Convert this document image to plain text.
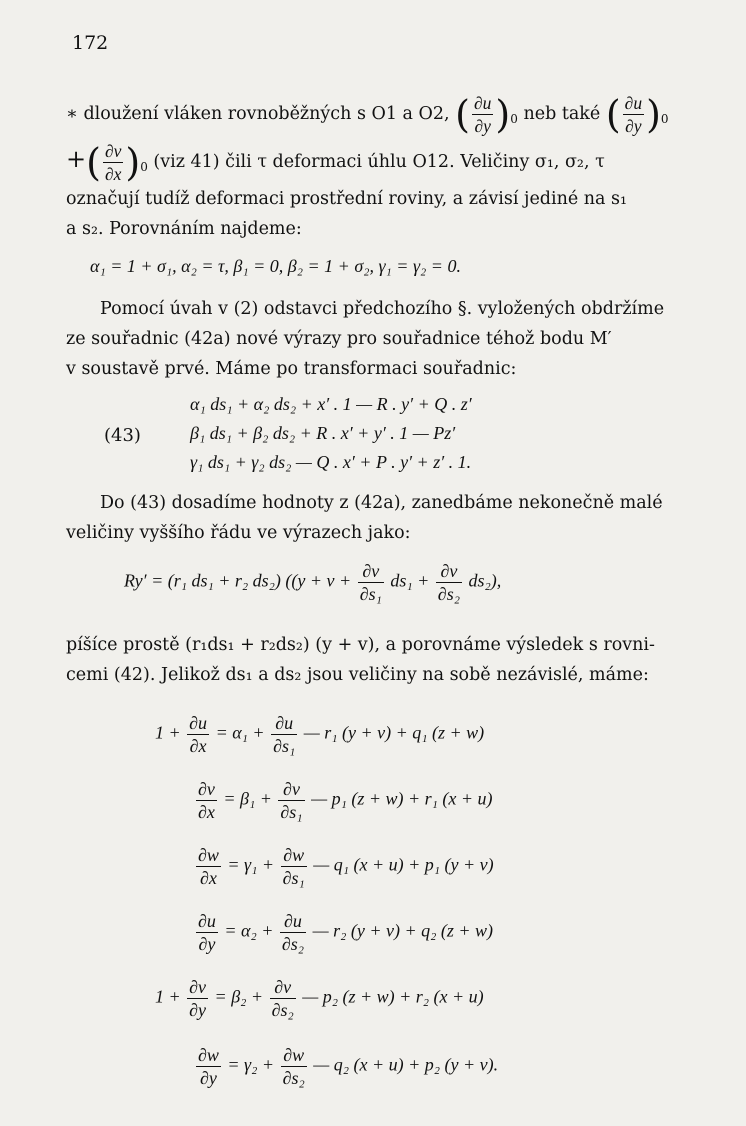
172
∗ dloužení vláken rovnoběžných s O1 a O2, ( $\frac{\partial u}{\partial y} )_0$ neb také ( $\frac{\partial u}{\partial y} )_0$
+( $\frac{\partial v}{\partial x} )_0$ (viz 41) čili τ deformaci úhlu O12. Veličiny σ₁, σ₂, τ
označují tudíž deformaci prostřední roviny, a závisí jediné na s₁
a s₂. Porovnáním najdeme:
α₁ = 1 + σ₁, α₂ = τ, β₁ = 0, β₂ = 1 + σ₂, γ₁ = γ₂ = 0.
Pomocí úvah v (2) odstavci předchozího §. vyložených obdržíme
ze souřadnic (42a) nové výrazy pro souřadnice téhož bodu M′
v soustavě prvé. Máme po transformaci souřadnic:
(43)
α₁ ds₁ + α₂ ds₂ + x′ . 1 — R . y′ + Q . z′
β₁ ds₁ + β₂ ds₂ + R . x′ + y′ . 1 — Pz′
γ₁ ds₁ + γ₂ ds₂ — Q . x′ + P . y′ + z′ . 1.
Do (43) dosadíme hodnoty z (42a), zanedbáme nekonečně malé
veličiny vyššího řádu ve výrazech jako:
Ry′ = (r₁ ds₁ + r₂ ds₂) ($(y + v + \frac{\partial v}{\text{∂s₁}} ds_1 + \frac{\partial v}{\text{∂s₂}} ds_2)$,
píšíce prostě (r₁ds₁ + r₂ds₂) (y + v), a porovnáme výsledek s rovni-
cemi (42). Jelikož ds₁ a ds₂ jsou veličiny na sobě nezávislé, máme:
$1 + \frac{\partial u}{\partial x} = \alpha_1 + \frac{\partial u}{\text{∂s₁}}$ — r₁ (y + v) + q₁ (z + w)
$\frac{\partial v}{\partial x} = \beta_1 + \frac{\partial v}{\text{∂s₁}}$ — p₁ (z + w) + r₁ (x + u)
$\frac{\partial w}{\partial x} = \gamma_1 + \frac{\partial w}{\text{∂s₁}}$ — q₁ (x + u) + p₁ (y + v)
$\frac{\partial u}{\partial y} = \alpha_2 + \frac{\partial u}{\text{∂s₂}}$ — r₂ (y + v) + q₂ (z + w)
$1 + \frac{\partial v}{\partial y} = \beta_2 + \frac{\partial v}{\text{∂s₂}}$ — p₂ (z + w) + r₂ (x + u)
$\frac{\partial w}{\partial y} = \gamma_2 + \frac{\partial w}{\text{∂s₂}}$ — q₂ (x + u) + p₂ (y + v).
